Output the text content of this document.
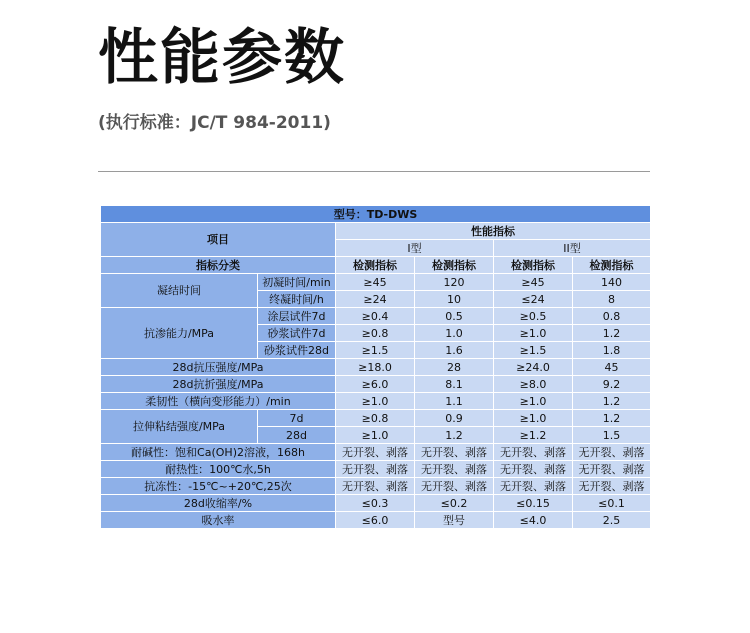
性能参数
(执行标准：JC/T 984-2011)
型号：TD-DWS					
项目		性能指标			
		I型		II型	
指标分类		检测指标	检测指标	检测指标	检测指标
凝结时间	初凝时间/min	≥45	120	≥45	140
	终凝时间/h	≥24	10	≤24	8
抗渗能力/MPa	涂层试件7d	≥0.4	0.5	≥0.5	0.8
	砂浆试件7d	≥0.8	1.0	≥1.0	1.2
	砂浆试件28d	≥1.5	1.6	≥1.5	1.8
28d抗压强度/MPa		≥18.0	28	≥24.0	45
28d抗折强度/MPa		≥6.0	8.1	≥8.0	9.2
柔韧性（横向变形能力）/min		≥1.0	1.1	≥1.0	1.2
拉伸粘结强度/MPa	7d	≥0.8	0.9	≥1.0	1.2
	28d	≥1.0	1.2	≥1.2	1.5
耐碱性：饱和Ca(OH)2溶液，168h		无开裂、剥落	无开裂、剥落	无开裂、剥落	无开裂、剥落
耐热性：100℃水,5h		无开裂、剥落	无开裂、剥落	无开裂、剥落	无开裂、剥落
抗冻性：-15℃~+20℃,25次		无开裂、剥落	无开裂、剥落	无开裂、剥落	无开裂、剥落
28d收缩率/%		≤0.3	≤0.2	≤0.15	≤0.1
吸水率		≤6.0	型号	≤4.0	2.5
